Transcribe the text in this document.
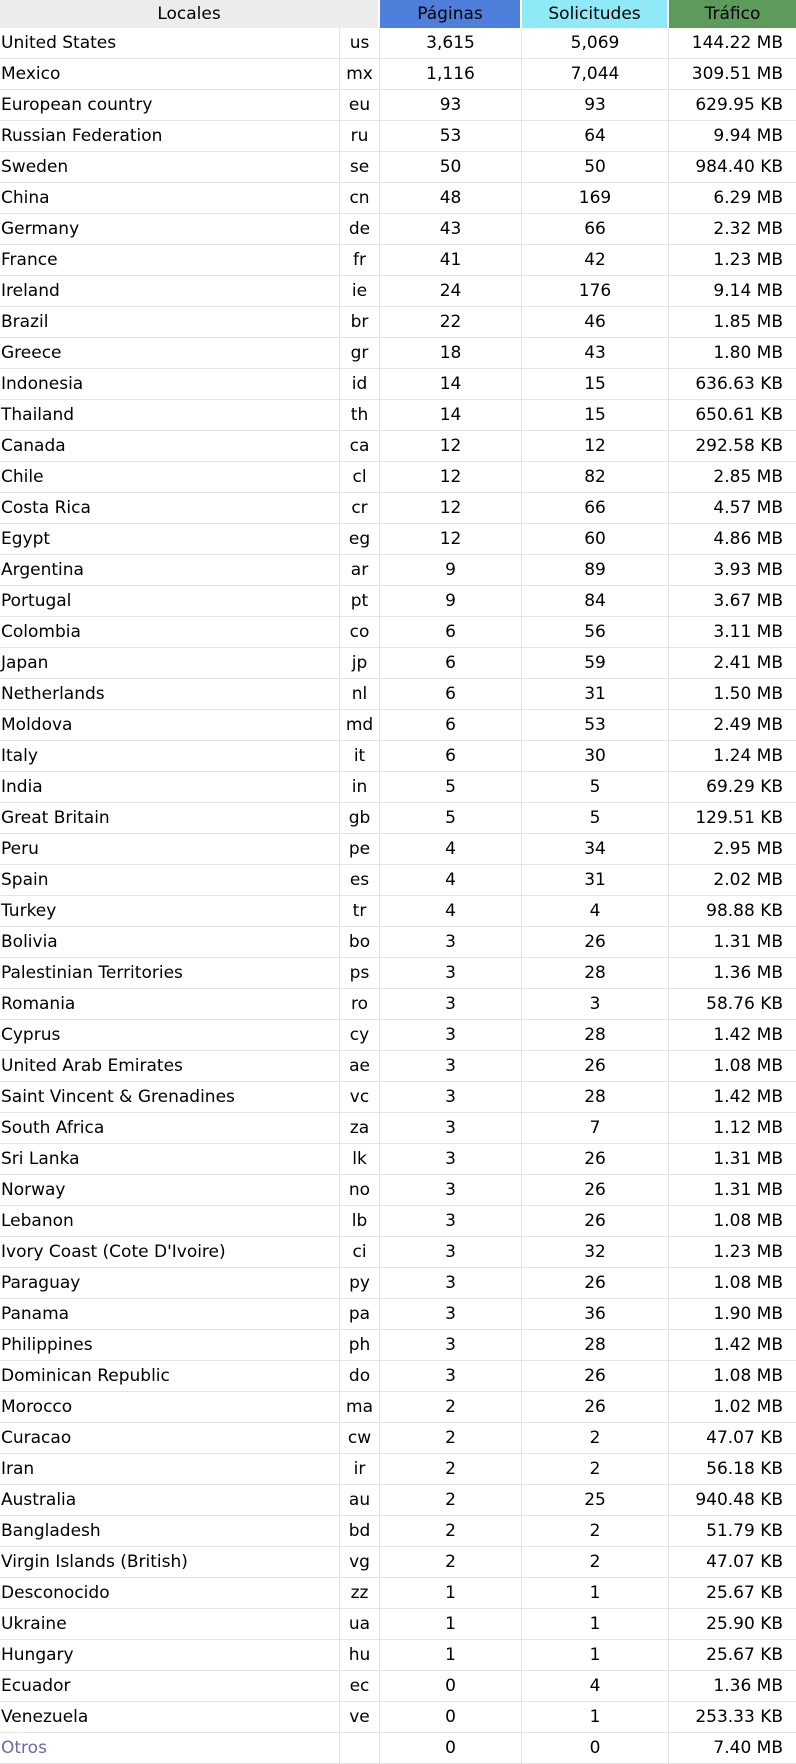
Locales		Páginas	Solicitudes	Tráfico
United States	us	3,615	5,069	144.22 MB
Mexico	mx	1,116	7,044	309.51 MB
European country	eu	93	93	629.95 KB
Russian Federation	ru	53	64	9.94 MB
Sweden	se	50	50	984.40 KB
China	cn	48	169	6.29 MB
Germany	de	43	66	2.32 MB
France	fr	41	42	1.23 MB
Ireland	ie	24	176	9.14 MB
Brazil	br	22	46	1.85 MB
Greece	gr	18	43	1.80 MB
Indonesia	id	14	15	636.63 KB
Thailand	th	14	15	650.61 KB
Canada	ca	12	12	292.58 KB
Chile	cl	12	82	2.85 MB
Costa Rica	cr	12	66	4.57 MB
Egypt	eg	12	60	4.86 MB
Argentina	ar	9	89	3.93 MB
Portugal	pt	9	84	3.67 MB
Colombia	co	6	56	3.11 MB
Japan	jp	6	59	2.41 MB
Netherlands	nl	6	31	1.50 MB
Moldova	md	6	53	2.49 MB
Italy	it	6	30	1.24 MB
India	in	5	5	69.29 KB
Great Britain	gb	5	5	129.51 KB
Peru	pe	4	34	2.95 MB
Spain	es	4	31	2.02 MB
Turkey	tr	4	4	98.88 KB
Bolivia	bo	3	26	1.31 MB
Palestinian Territories	ps	3	28	1.36 MB
Romania	ro	3	3	58.76 KB
Cyprus	cy	3	28	1.42 MB
United Arab Emirates	ae	3	26	1.08 MB
Saint Vincent & Grenadines	vc	3	28	1.42 MB
South Africa	za	3	7	1.12 MB
Sri Lanka	lk	3	26	1.31 MB
Norway	no	3	26	1.31 MB
Lebanon	lb	3	26	1.08 MB
Ivory Coast (Cote D'Ivoire)	ci	3	32	1.23 MB
Paraguay	py	3	26	1.08 MB
Panama	pa	3	36	1.90 MB
Philippines	ph	3	28	1.42 MB
Dominican Republic	do	3	26	1.08 MB
Morocco	ma	2	26	1.02 MB
Curacao	cw	2	2	47.07 KB
Iran	ir	2	2	56.18 KB
Australia	au	2	25	940.48 KB
Bangladesh	bd	2	2	51.79 KB
Virgin Islands (British)	vg	2	2	47.07 KB
Desconocido	zz	1	1	25.67 KB
Ukraine	ua	1	1	25.90 KB
Hungary	hu	1	1	25.67 KB
Ecuador	ec	0	4	1.36 MB
Venezuela	ve	0	1	253.33 KB
Otros		0	0	7.40 MB
